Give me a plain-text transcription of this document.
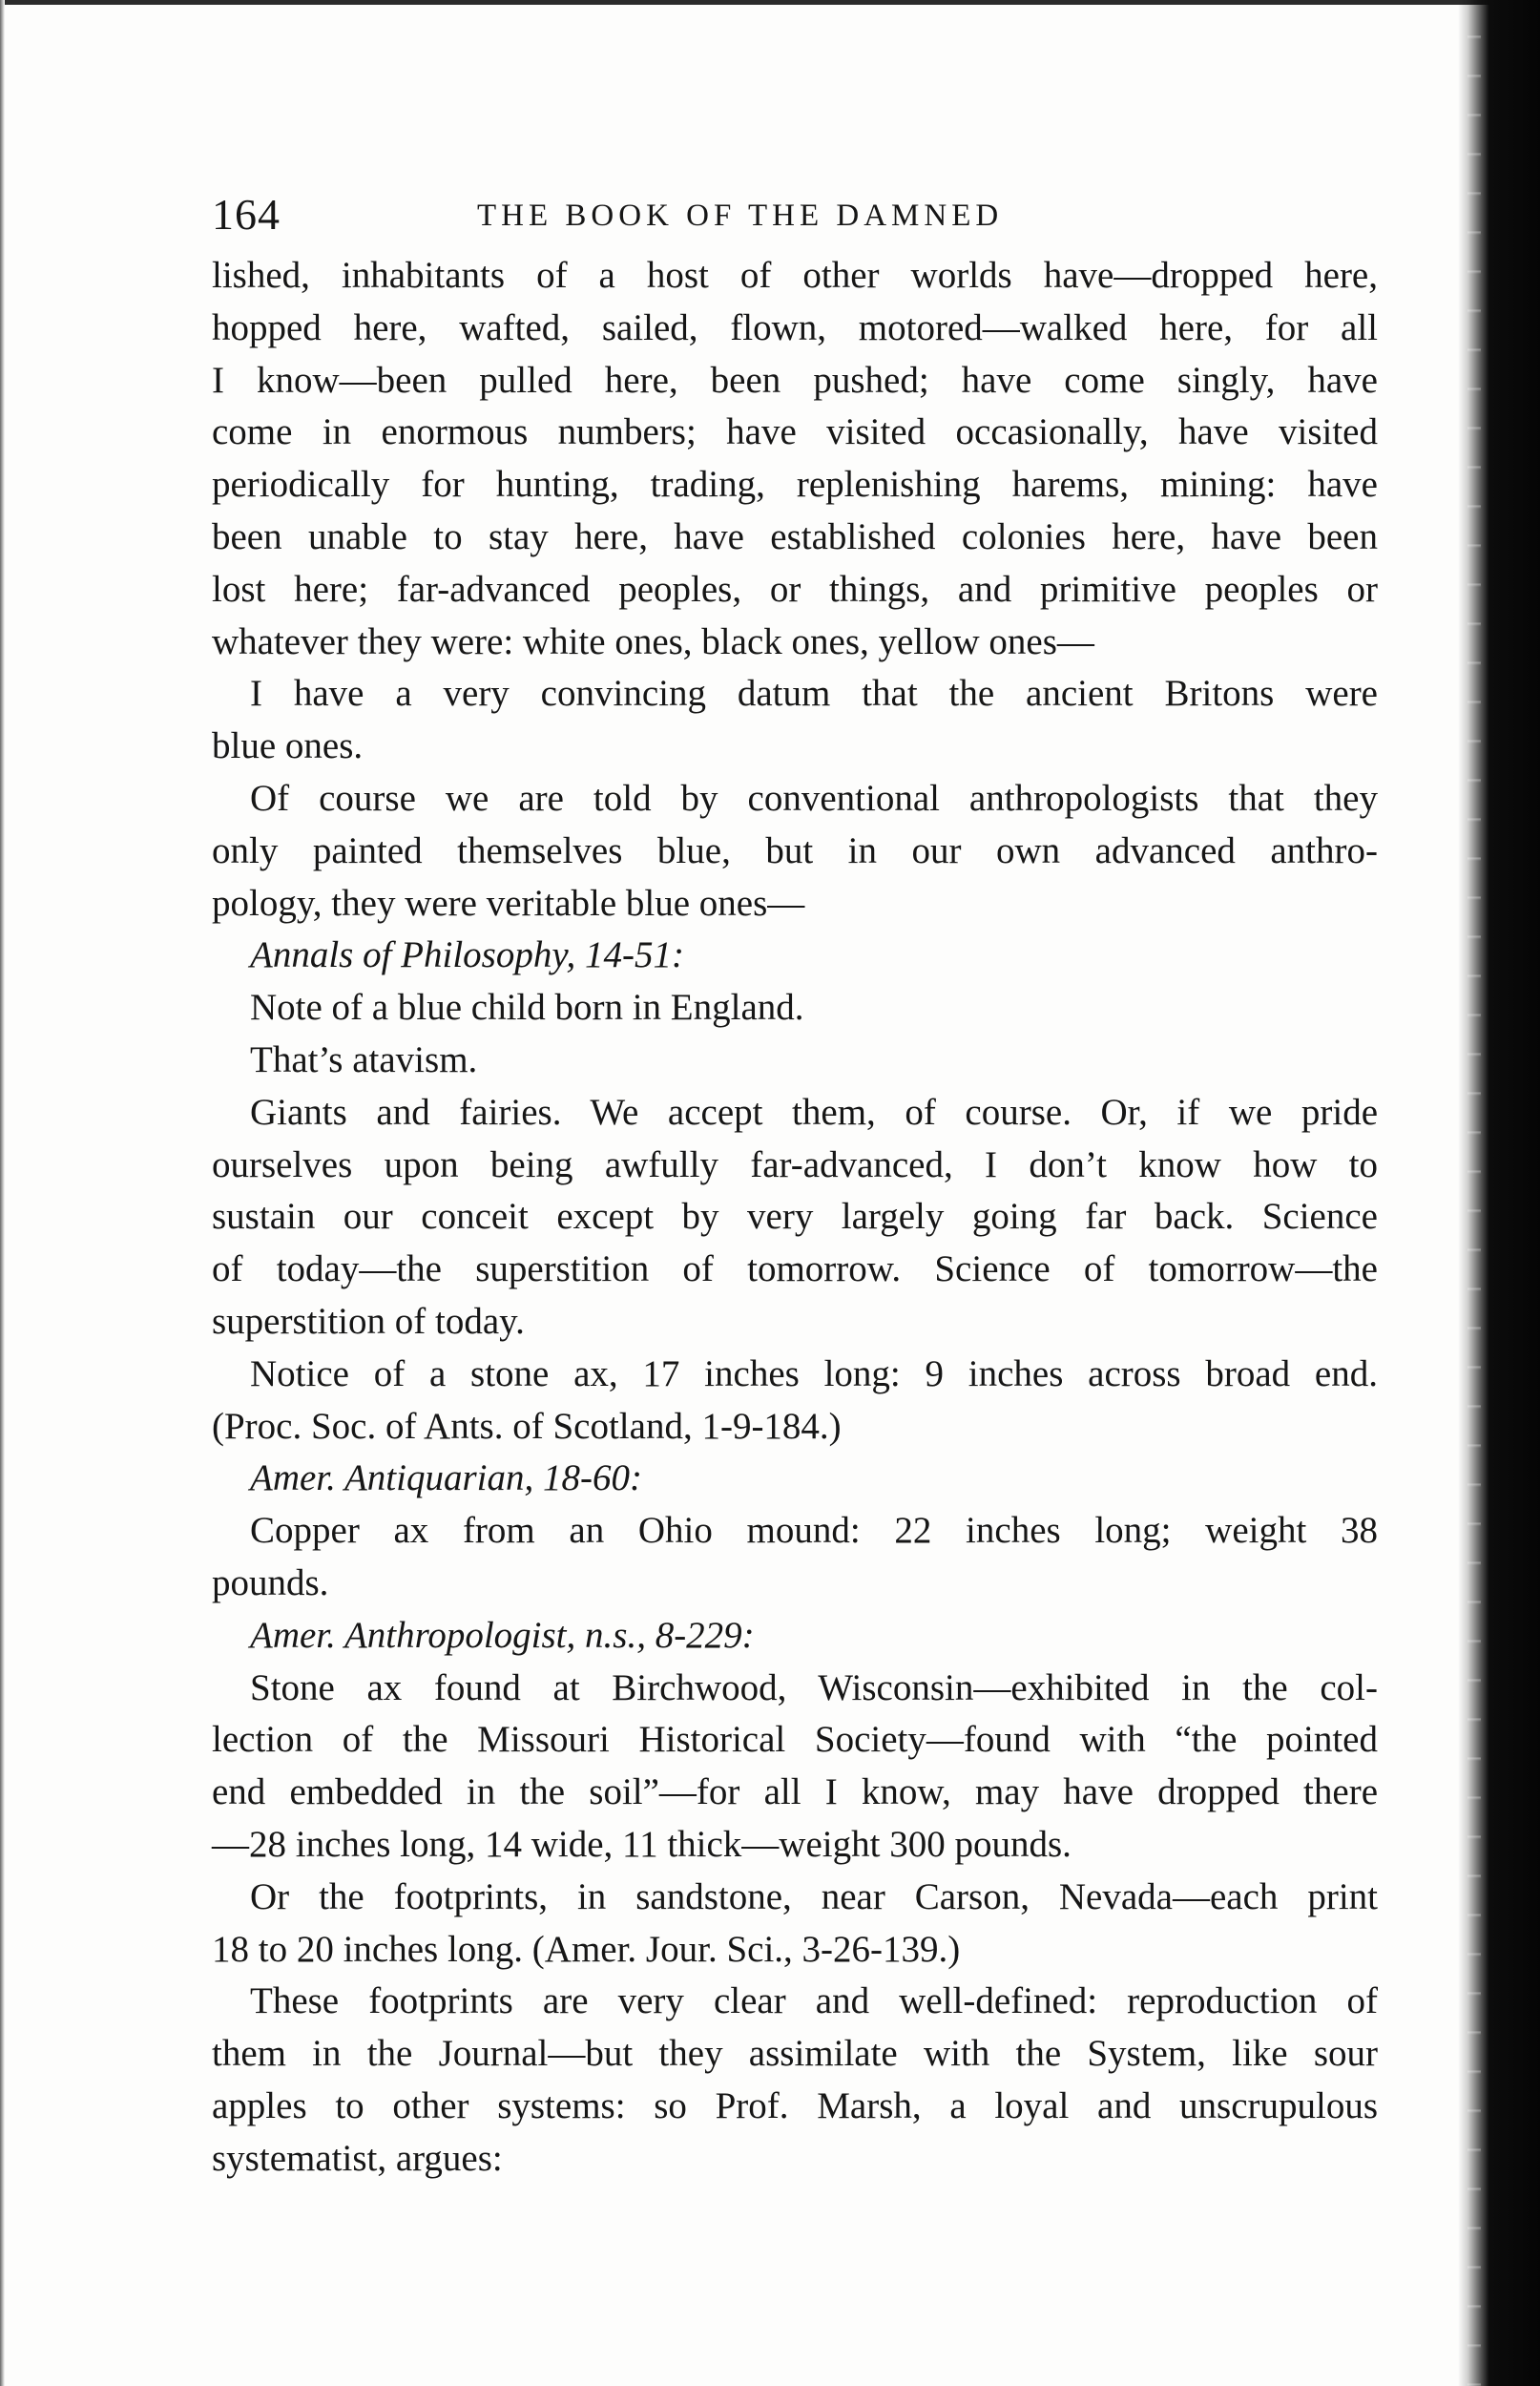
164	THE BOOK OF THE DAMNED
lished, inhabitants of a host of other worlds have—dropped here,
hopped here, wafted, sailed, flown, motored—walked here, for all
I know—been pulled here, been pushed; have come singly, have
come in enormous numbers; have visited occasionally, have visited
periodically for hunting, trading, replenishing harems, mining: have
been unable to stay here, have established colonies here, have been
lost here; far-advanced peoples, or things, and primitive peoples or
whatever they were: white ones, black ones, yellow ones—
I have a very convincing datum that the ancient Britons were
blue ones.
Of course we are told by conventional anthropologists that they
only painted themselves blue, but in our own advanced anthro-
pology, they were veritable blue ones—
Annals of Philosophy, 14-51:
Note of a blue child born in England.
That’s atavism.
Giants and fairies. We accept them, of course. Or, if we pride
ourselves upon being awfully far-advanced, I don’t know how to
sustain our conceit except by very largely going far back. Science
of today—the superstition of tomorrow. Science of tomorrow—the
superstition of today.
Notice of a stone ax, 17 inches long: 9 inches across broad end.
(Proc. Soc. of Ants. of Scotland, 1-9-184.)
Amer. Antiquarian, 18-60:
Copper ax from an Ohio mound: 22 inches long; weight 38
pounds.
Amer. Anthropologist, n.s., 8-229:
Stone ax found at Birchwood, Wisconsin—exhibited in the col-
lection of the Missouri Historical Society—found with “the pointed
end embedded in the soil”—for all I know, may have dropped there
—28 inches long, 14 wide, 11 thick—weight 300 pounds.
Or the footprints, in sandstone, near Carson, Nevada—each print
18 to 20 inches long. (Amer. Jour. Sci., 3-26-139.)
These footprints are very clear and well-defined: reproduction of
them in the Journal—but they assimilate with the System, like sour
apples to other systems: so Prof. Marsh, a loyal and unscrupulous
systematist, argues:
